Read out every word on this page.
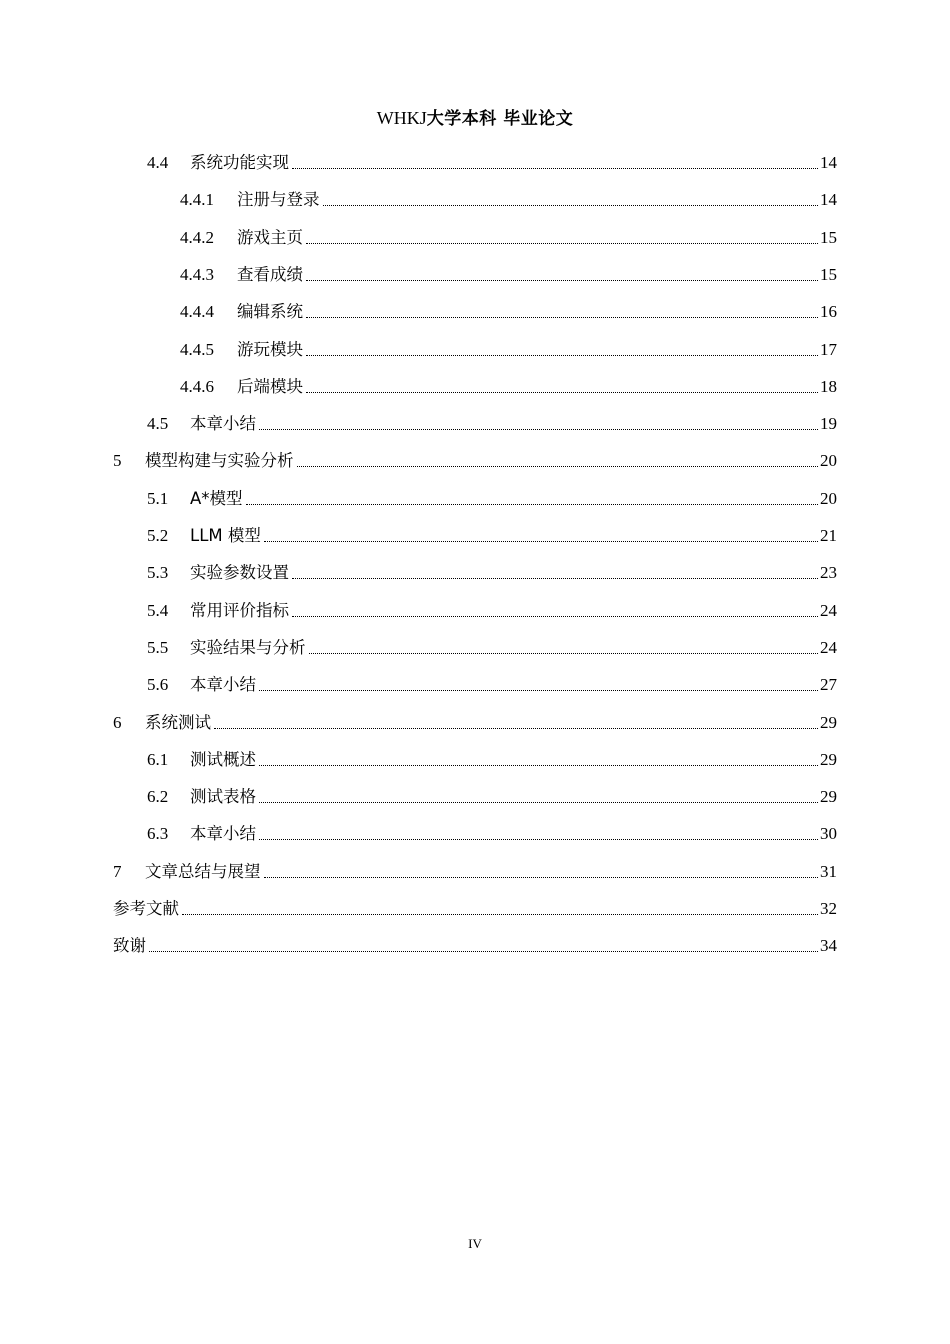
WHKJ大学本科 毕业论文
4.4	系统功能实现	14
4.4.1	注册与登录	14
4.4.2	游戏主页	15
4.4.3	查看成绩	15
4.4.4	编辑系统	16
4.4.5	游玩模块	17
4.4.6	后端模块	18
4.5	本章小结	19
5	模型构建与实验分析	20
5.1	A*模型	20
5.2	LLM 模型	21
5.3	实验参数设置	23
5.4	常用评价指标	24
5.5	实验结果与分析	24
5.6	本章小结	27
6	系统测试	29
6.1	测试概述	29
6.2	测试表格	29
6.3	本章小结	30
7	文章总结与展望	31
参考文献	32
致谢	34
IV
